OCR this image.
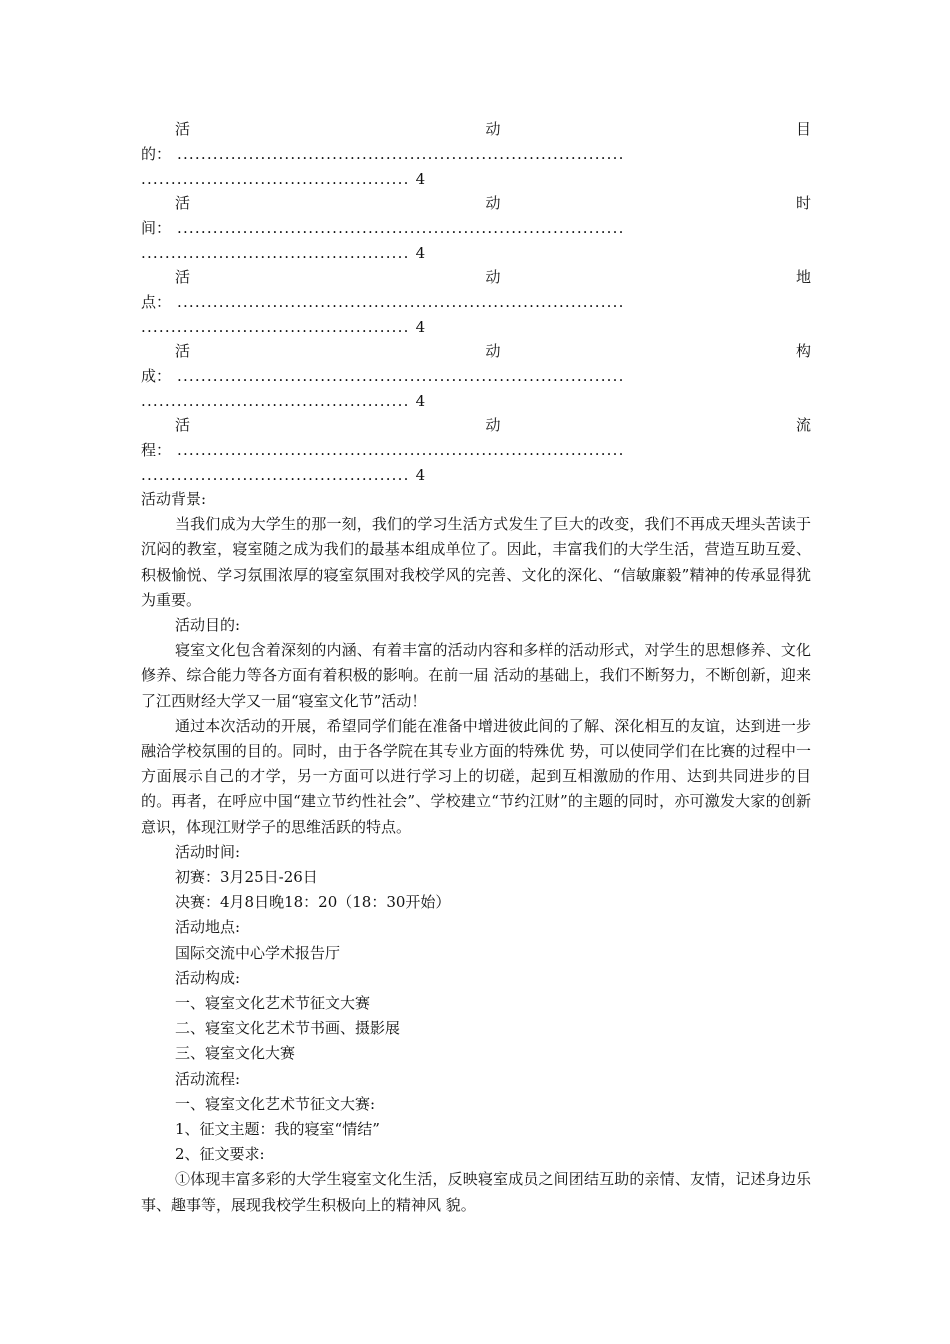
活	动	目
的： ...........................................................................
............................................. 4
活	动	时
间： ...........................................................................
............................................. 4
活	动	地
点： ...........................................................................
............................................. 4
活	动	构
成： ...........................................................................
............................................. 4
活	动	流
程： ...........................................................................
............................................. 4

活动背景:

当我们成为大学生的那一刻，我们的学习生活方式发生了巨大的改变，我们不再成天埋头苦读于沉闷的教室，寝室随之成为我们的最基本组成单位了。因此，丰富我们的大学生活，营造互助互爱、积极愉悦、学习氛围浓厚的寝室氛围对我校学风的完善、文化的深化、“信敏廉毅”精神的传承显得犹为重要。

活动目的:

寝室文化包含着深刻的内涵、有着丰富的活动内容和多样的活动形式，对学生的思想修养、文化修养、综合能力等各方面有着积极的影响。在前一届 活动的基础上，我们不断努力，不断创新，迎来了江西财经大学又一届“寝室文化节”活动！

通过本次活动的开展，希望同学们能在准备中增进彼此间的了解、深化相互的友谊，达到进一步融洽学校氛围的目的。同时，由于各学院在其专业方面的特殊优 势，可以使同学们在比赛的过程中一方面展示自己的才学，另一方面可以进行学习上的切磋，起到互相激励的作用、达到共同进步的目的。再者，在呼应中国“建立节约性社会”、学校建立“节约江财”的主题的同时，亦可激发大家的创新意识，体现江财学子的思维活跃的特点。

活动时间:

初赛：3月25日-26日

决赛：4月8日晚18：20（18：30开始）

活动地点:

国际交流中心学术报告厅

活动构成:

一、寝室文化艺术节征文大赛

二、寝室文化艺术节书画、摄影展

三、寝室文化大赛

活动流程:

一、寝室文化艺术节征文大赛:

1、征文主题：我的寝室“情结”

2、征文要求:

①体现丰富多彩的大学生寝室文化生活，反映寝室成员之间团结互助的亲情、友情，记述身边乐事、趣事等，展现我校学生积极向上的精神风 貌。
